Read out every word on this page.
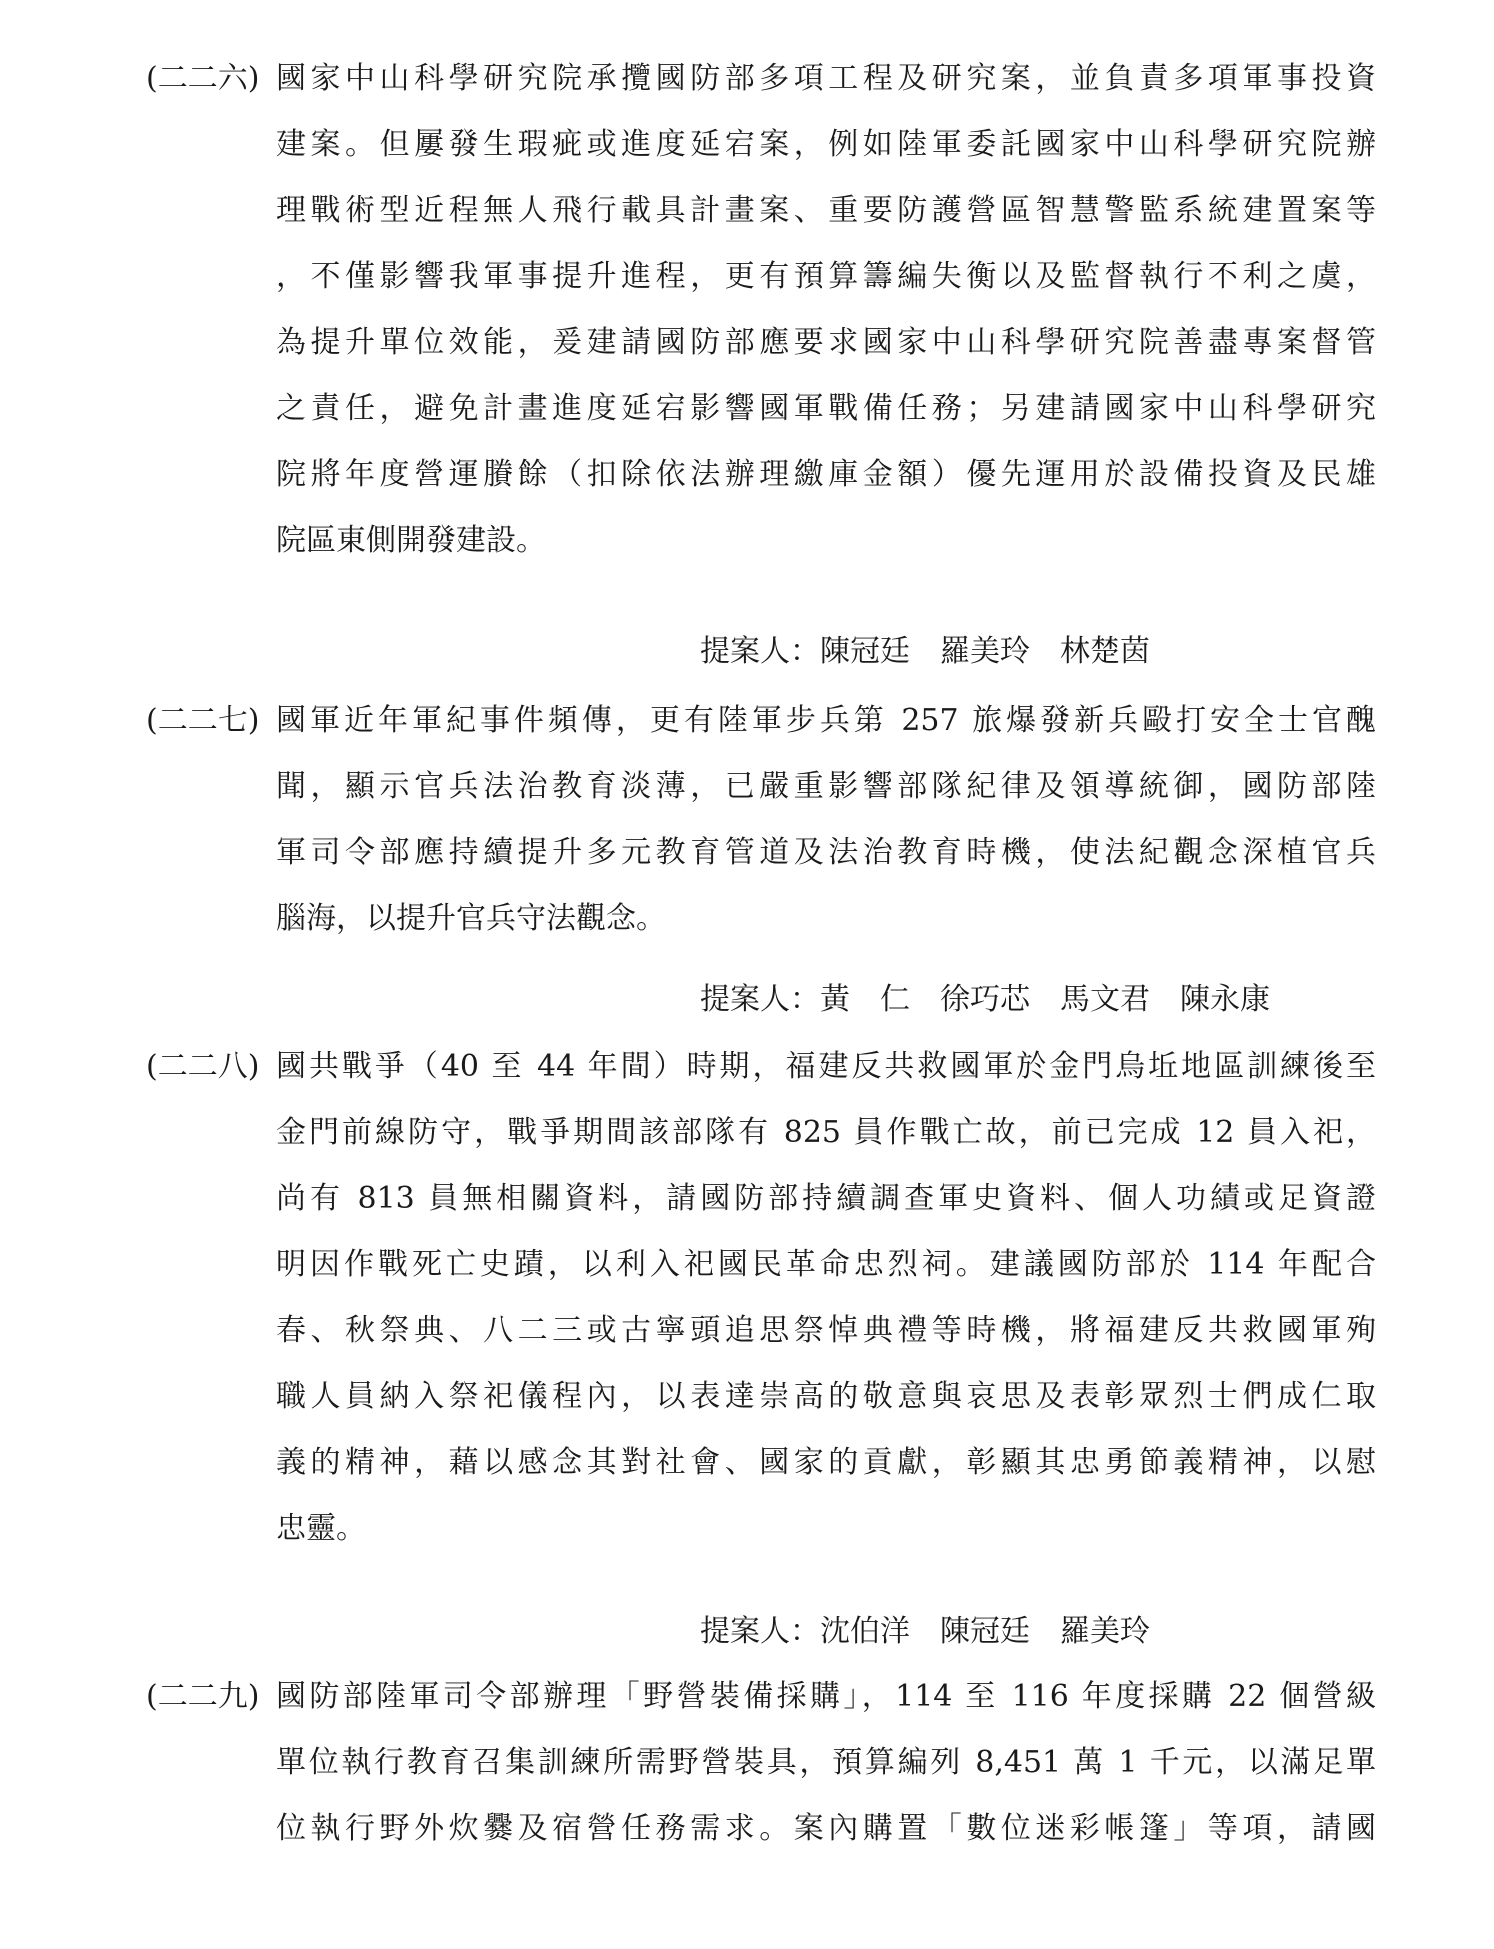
(二二六) 國家中山科學研究院承攬國防部多項工程及研究案，並負責多項軍事投資
建案。但屢發生瑕疵或進度延宕案，例如陸軍委託國家中山科學研究院辦
理戰術型近程無人飛行載具計畫案、重要防護營區智慧警監系統建置案等
，不僅影響我軍事提升進程，更有預算籌編失衡以及監督執行不利之虞，
為提升單位效能，爰建請國防部應要求國家中山科學研究院善盡專案督管
之責任，避免計畫進度延宕影響國軍戰備任務；另建請國家中山科學研究
院將年度營運賸餘（扣除依法辦理繳庫金額）優先運用於設備投資及民雄
院區東側開發建設。
提案人：陳冠廷　羅美玲　林楚茵
(二二七) 國軍近年軍紀事件頻傳，更有陸軍步兵第 257 旅爆發新兵毆打安全士官醜
聞，顯示官兵法治教育淡薄，已嚴重影響部隊紀律及領導統御，國防部陸
軍司令部應持續提升多元教育管道及法治教育時機，使法紀觀念深植官兵
腦海，以提升官兵守法觀念。
提案人：黃　仁　徐巧芯　馬文君　陳永康
(二二八) 國共戰爭（40 至 44 年間）時期，福建反共救國軍於金門烏坵地區訓練後至
金門前線防守，戰爭期間該部隊有 825 員作戰亡故，前已完成 12 員入祀，
尚有 813 員無相關資料，請國防部持續調查軍史資料、個人功績或足資證
明因作戰死亡史蹟，以利入祀國民革命忠烈祠。建議國防部於 114 年配合
春、秋祭典、八二三或古寧頭追思祭悼典禮等時機，將福建反共救國軍殉
職人員納入祭祀儀程內，以表達崇高的敬意與哀思及表彰眾烈士們成仁取
義的精神，藉以感念其對社會、國家的貢獻，彰顯其忠勇節義精神，以慰
忠靈。
提案人：沈伯洋　陳冠廷　羅美玲
(二二九) 國防部陸軍司令部辦理「野營裝備採購」，114 至 116 年度採購 22 個營級
單位執行教育召集訓練所需野營裝具，預算編列 8,451 萬 1 千元，以滿足單
位執行野外炊爨及宿營任務需求。案內購置「數位迷彩帳篷」等項，請國
